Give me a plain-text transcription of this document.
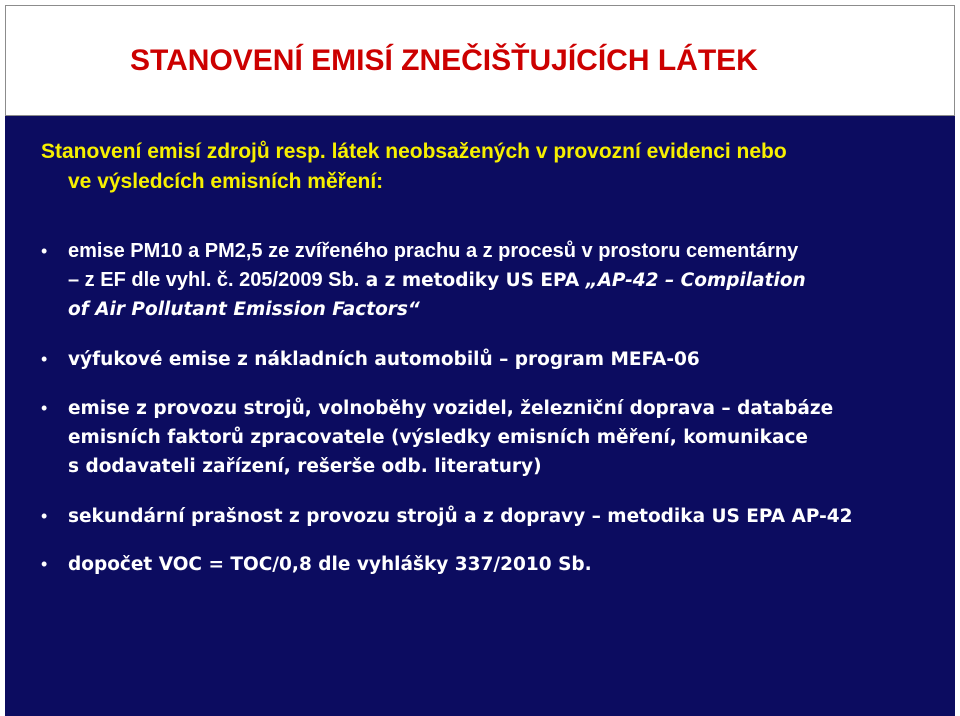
STANOVENÍ EMISÍ ZNEČIŠŤUJÍCÍCH LÁTEK

Stanovení emisí zdrojů resp. látek neobsažených v provozní evidenci nebo
ve výsledcích emisních měření:

• emise PM10 a PM2,5 ze zvířeného prachu a z procesů v prostoru cementárny
– z EF dle vyhl. č. 205/2009 Sb. a z metodiky US EPA „AP-42 – Compilation
of Air Pollutant Emission Factors“

• výfukové emise z nákladních automobilů – program MEFA-06

• emise z provozu strojů, volnoběhy vozidel, železniční doprava – databáze
emisních faktorů zpracovatele (výsledky emisních měření, komunikace
s dodavateli zařízení, rešerše odb. literatury)

• sekundární prašnost z provozu strojů a z dopravy – metodika US EPA AP-42

• dopočet VOC = TOC/0,8 dle vyhlášky 337/2010 Sb.
